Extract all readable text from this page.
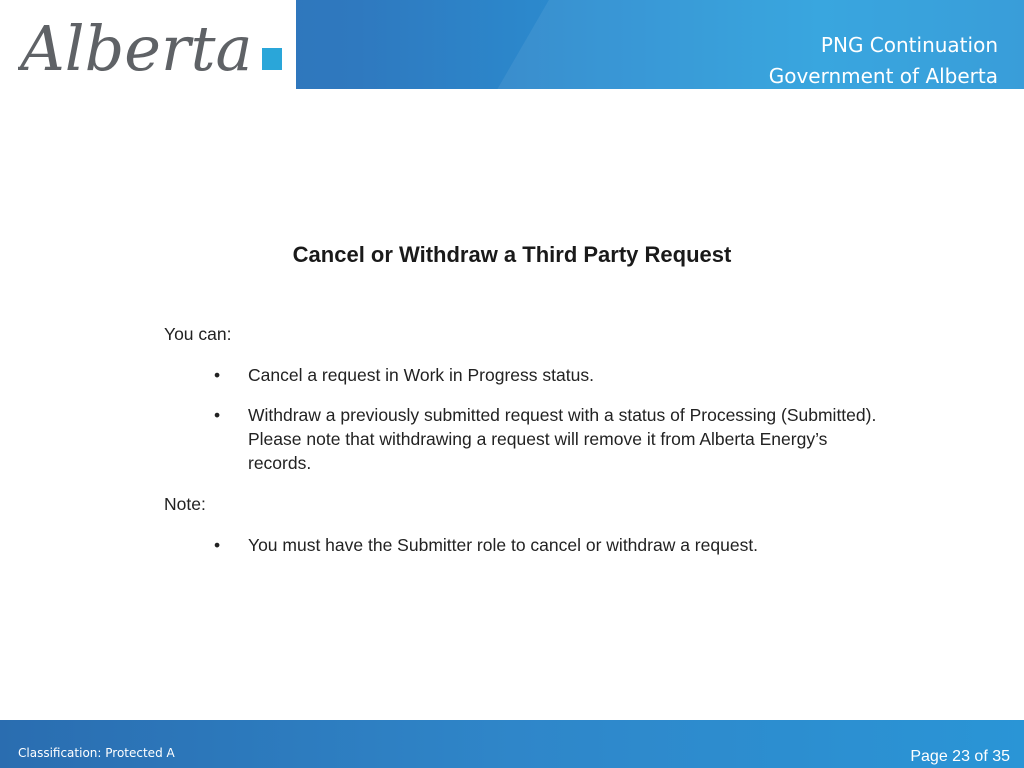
Alberta	PNG Continuation
Government of Alberta
Cancel or Withdraw a Third Party Request

You can:

• Cancel a request in Work in Progress status.
• Withdraw a previously submitted request with a status of Processing (Submitted). Please note that withdrawing a request will remove it from Alberta Energy’s records.

Note:

• You must have the Submitter role to cancel or withdraw a request.
Classification: Protected A	Page 23 of 35
